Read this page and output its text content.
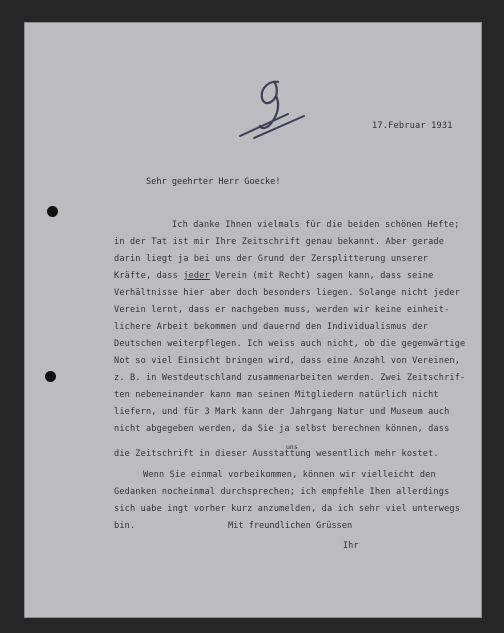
17.Februar 1931
Sehr geehrter Herr Goecke!
Ich danke Ihnen vielmals für die beiden schönen Hefte;
in der Tat ist mir Ihre Zeitschrift genau bekannt. Aber gerade
darin liegt ja bei uns der Grund der Zersplitterung unserer
Kräfte, dass jeder Verein (mit Recht) sagen kann, dass seine
Verhältnisse hier aber doch besonders liegen. Solange nicht jeder
Verein lernt, dass er nachgeben muss, werden wir keine einheit-
lichere Arbeit bekommen und dauernd den Individualismus der
Deutschen weiterpflegen. Ich weiss auch nicht, ob die gegenwärtige
Not so viel Einsicht bringen wird, dass eine Anzahl von Vereinen,
z. B. in Westdeutschland zusammenarbeiten werden. Zwei Zeitschrif-
ten nebeneinander kann man seinen Mitgliedern natürlich nicht
liefern, und für 3 Mark kann der Jahrgang Natur und Museum auch
nicht abgegeben werden, da Sie ja selbst berechnen können, dass
die Zeitschrift in dieser Ausstattung wesentlich mehr kostet.
uns
Wenn Sie einmal vorbeikommen, können wir vielleicht den
Gedanken nocheinmal durchsprechen; ich empfehle Ihen allerdings
sich uabe ingt vorher kurz anzumelden, da ich sehr viel unterwegs
bin.	Mit freundlichen Grüssen
Ihr
